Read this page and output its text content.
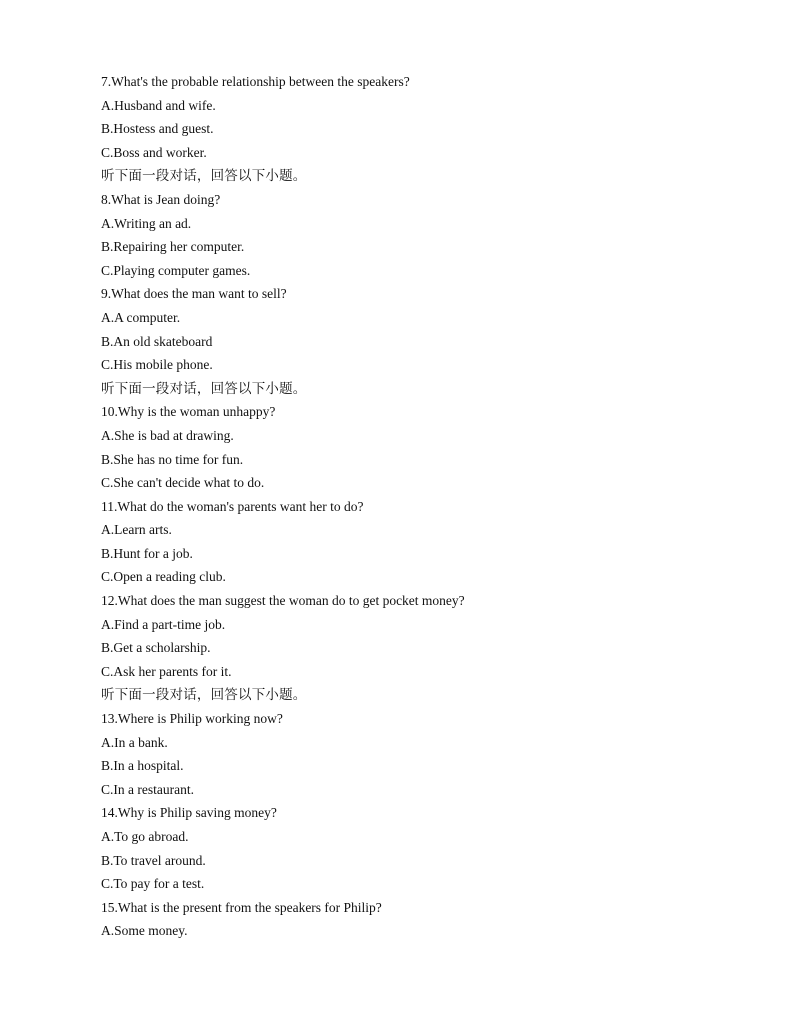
7.What's the probable relationship between the speakers?
A.Husband and wife.
B.Hostess and guest.
C.Boss and worker.
听下面一段对话，回答以下小题。
8.What is Jean doing?
A.Writing an ad.
B.Repairing her computer.
C.Playing computer games.
9.What does the man want to sell?
A.A computer.
B.An old skateboard
C.His mobile phone.
听下面一段对话，回答以下小题。
10.Why is the woman unhappy?
A.She is bad at drawing.
B.She has no time for fun.
C.She can't decide what to do.
11.What do the woman's parents want her to do?
A.Learn arts.
B.Hunt for a job.
C.Open a reading club.
12.What does the man suggest the woman do to get pocket money?
A.Find a part-time job.
B.Get a scholarship.
C.Ask her parents for it.
听下面一段对话，回答以下小题。
13.Where is Philip working now?
A.In a bank.
B.In a hospital.
C.In a restaurant.
14.Why is Philip saving money?
A.To go abroad.
B.To travel around.
C.To pay for a test.
15.What is the present from the speakers for Philip?
A.Some money.
